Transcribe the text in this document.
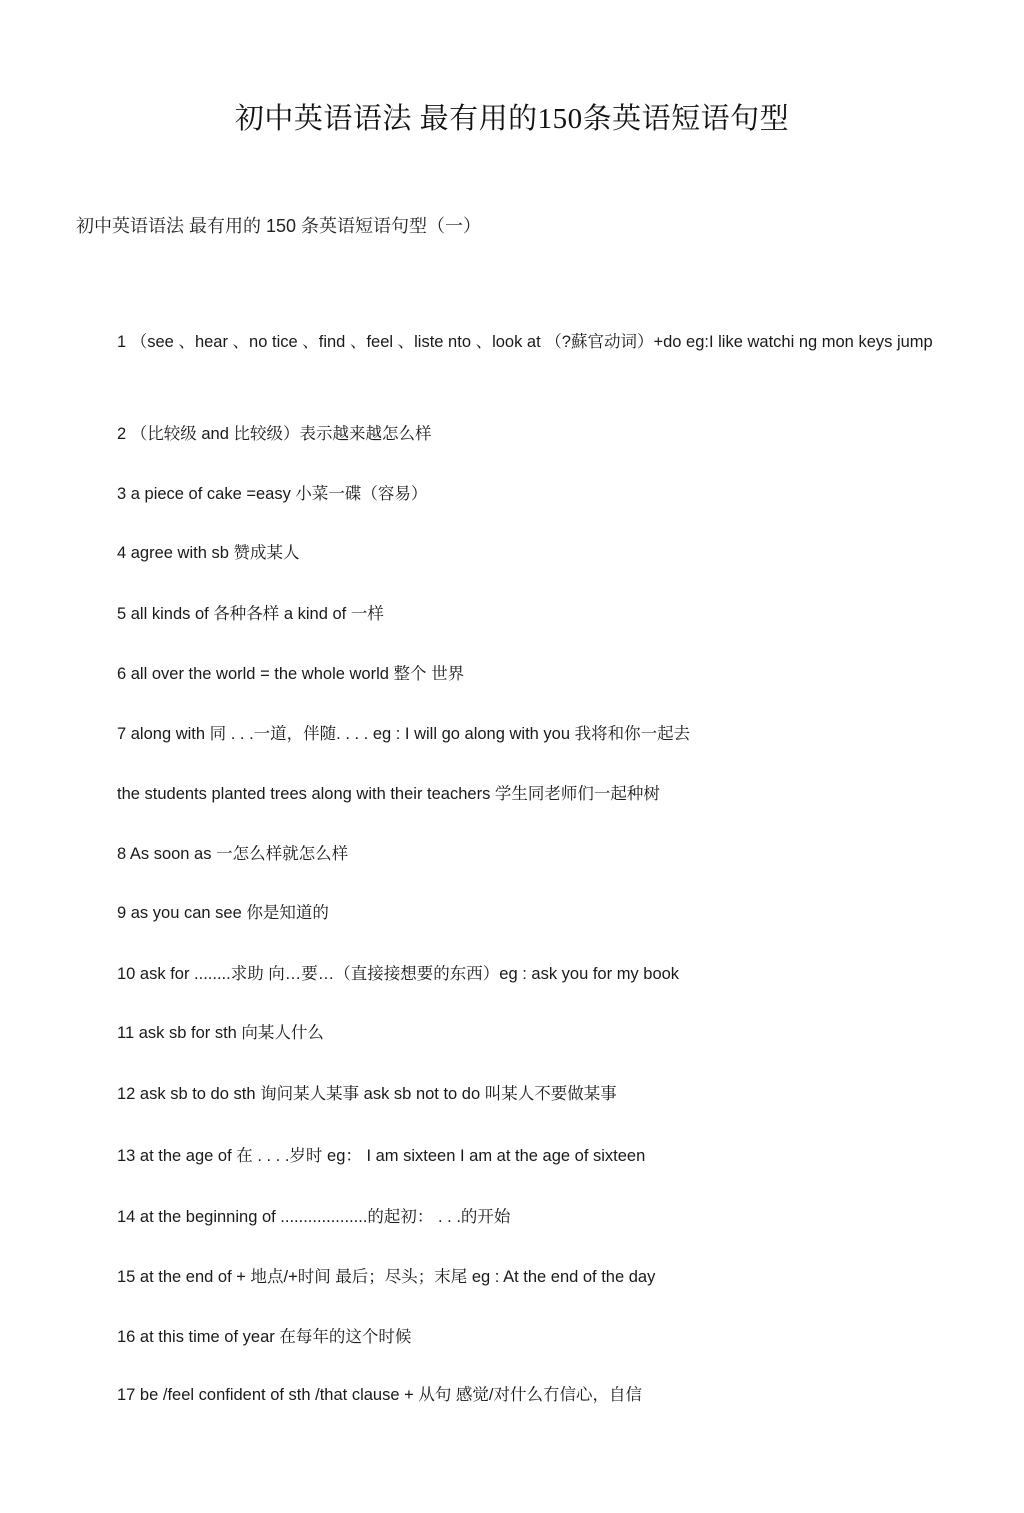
初中英语语法 最有用的150条英语短语句型
初中英语语法 最有用的 150 条英语短语句型（一）
1 （see 、hear 、no tice 、find 、feel 、liste nto 、look at （?蘇官动词）+do eg:I like watchi ng mon keys jump
2 （比较级 and 比较级）表示越来越怎么样
3 a piece of cake =easy 小菜一碟（容易）
4 agree with sb 赞成某人
5 all kinds of 各种各样 a kind of 一样
6 all over the world = the whole world 整个 世界
7 along with 同 . . .一道，伴随. . . . eg : I will go along with you 我将和你一起去
the students planted trees along with their teachers 学生同老师们一起种树
8 As soon as 一怎么样就怎么样
9 as you can see 你是知道的
10 ask for ........求助 向…要…（直接接想要的东西）eg : ask you for my book
11 ask sb for sth 向某人什么
12 ask sb to do sth 询问某人某事 ask sb not to do 叫某人不要做某事
13 at the age of 在 . . . .岁时 eg： I am sixteen I am at the age of sixteen
14 at the beginning of ...................的起初： . . .的开始
15 at the end of + 地点/+时间 最后；尽头；末尾 eg : At the end of the day
16 at this time of year 在每年的这个时候
17 be /feel confident of sth /that clause + 从句 感觉/对什么冇信心，自信
